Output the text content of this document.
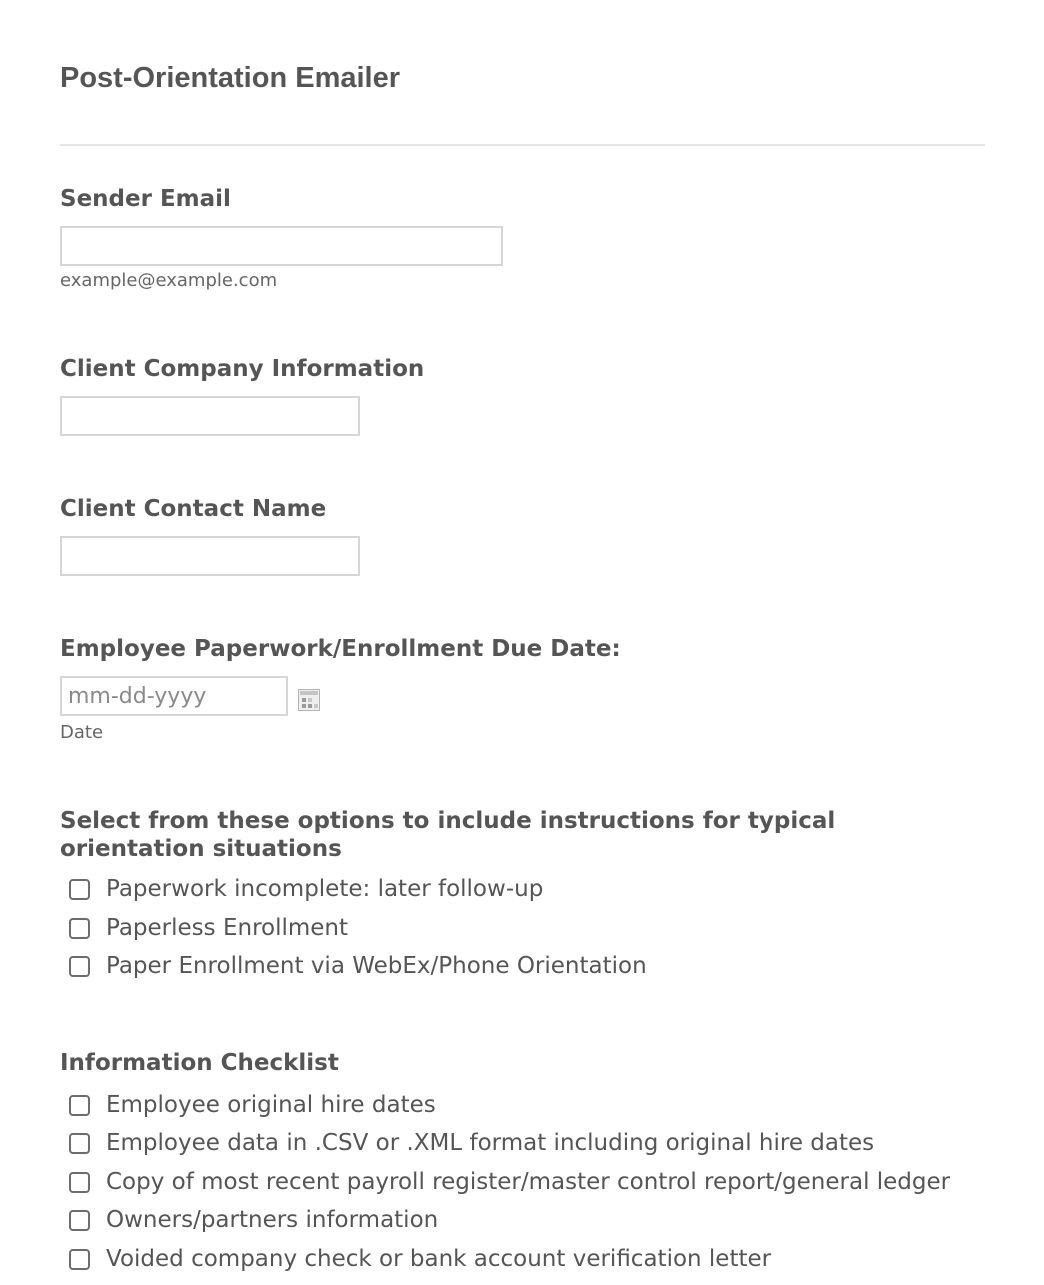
Post-Orientation Emailer
Sender Email
example@example.com
Client Company Information
Client Contact Name
Employee Paperwork/Enrollment Due Date:
mm-dd-yyyy
Date
Select from these options to include instructions for typical orientation situations
Paperwork incomplete: later follow-up
Paperless Enrollment
Paper Enrollment via WebEx/Phone Orientation
Information Checklist
Employee original hire dates
Employee data in .CSV or .XML format including original hire dates
Copy of most recent payroll register/master control report/general ledger
Owners/partners information
Voided company check or bank account verification letter
